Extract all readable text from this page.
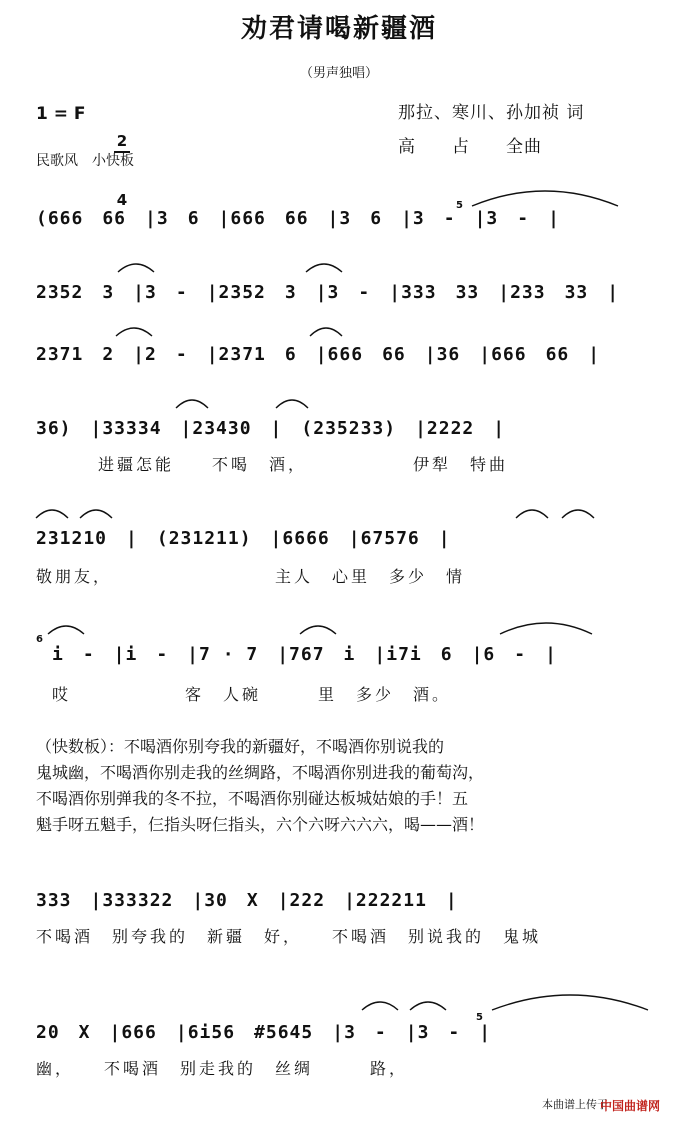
劝君请喝新疆酒
（男声独唱）
1 = F

$\frac{2}{4}$	那拉、寒川、孙加祯 词
高　　占　　全曲
民歌风　小快板
(666　66　|3　6　|666　66　|3　6　|3　-　|3　-　|
5
2352　3　|3　-　|2352　3　|3　-　|333　33　|233　33　|
2371　2　|2　-　|2371　6　|666　66　|36　|666　66　|
36)　|33334　|23430　|　(235233)　|2222　|
进疆怎能　　不喝　酒，　　　　　　伊犁　特曲
231210　|　(231211)　|6666　|67576　|
敬朋友，　　　　　　　　　主人　心里　多少　情
6
i　-　|i　-　|7 · 7　|767　i　|i7i　6　|6　-　|
哎　　　　　　客　人碗　　　里　多少　酒。
（快数板）：不喝酒你别夸我的新疆好，不喝酒你别说我的
鬼城幽，不喝酒你别走我的丝绸路，不喝酒你别进我的葡萄沟，
不喝酒你别弹我的冬不拉，不喝酒你别碰达板城姑娘的手！五
魁手呀五魁手，仨指头呀仨指头，六个六呀六六六，喝——酒！
333　|333322　|30　X　|222　|222211　|
不喝酒　别夸我的　新疆　好，　　不喝酒　别说我的　鬼城
20　X　|666　|6i56　#5645　|3　-　|3　-　|
5
幽，　　不喝酒　别走我的　丝绸　　　路，
本曲谱上传于
中国曲谱网
